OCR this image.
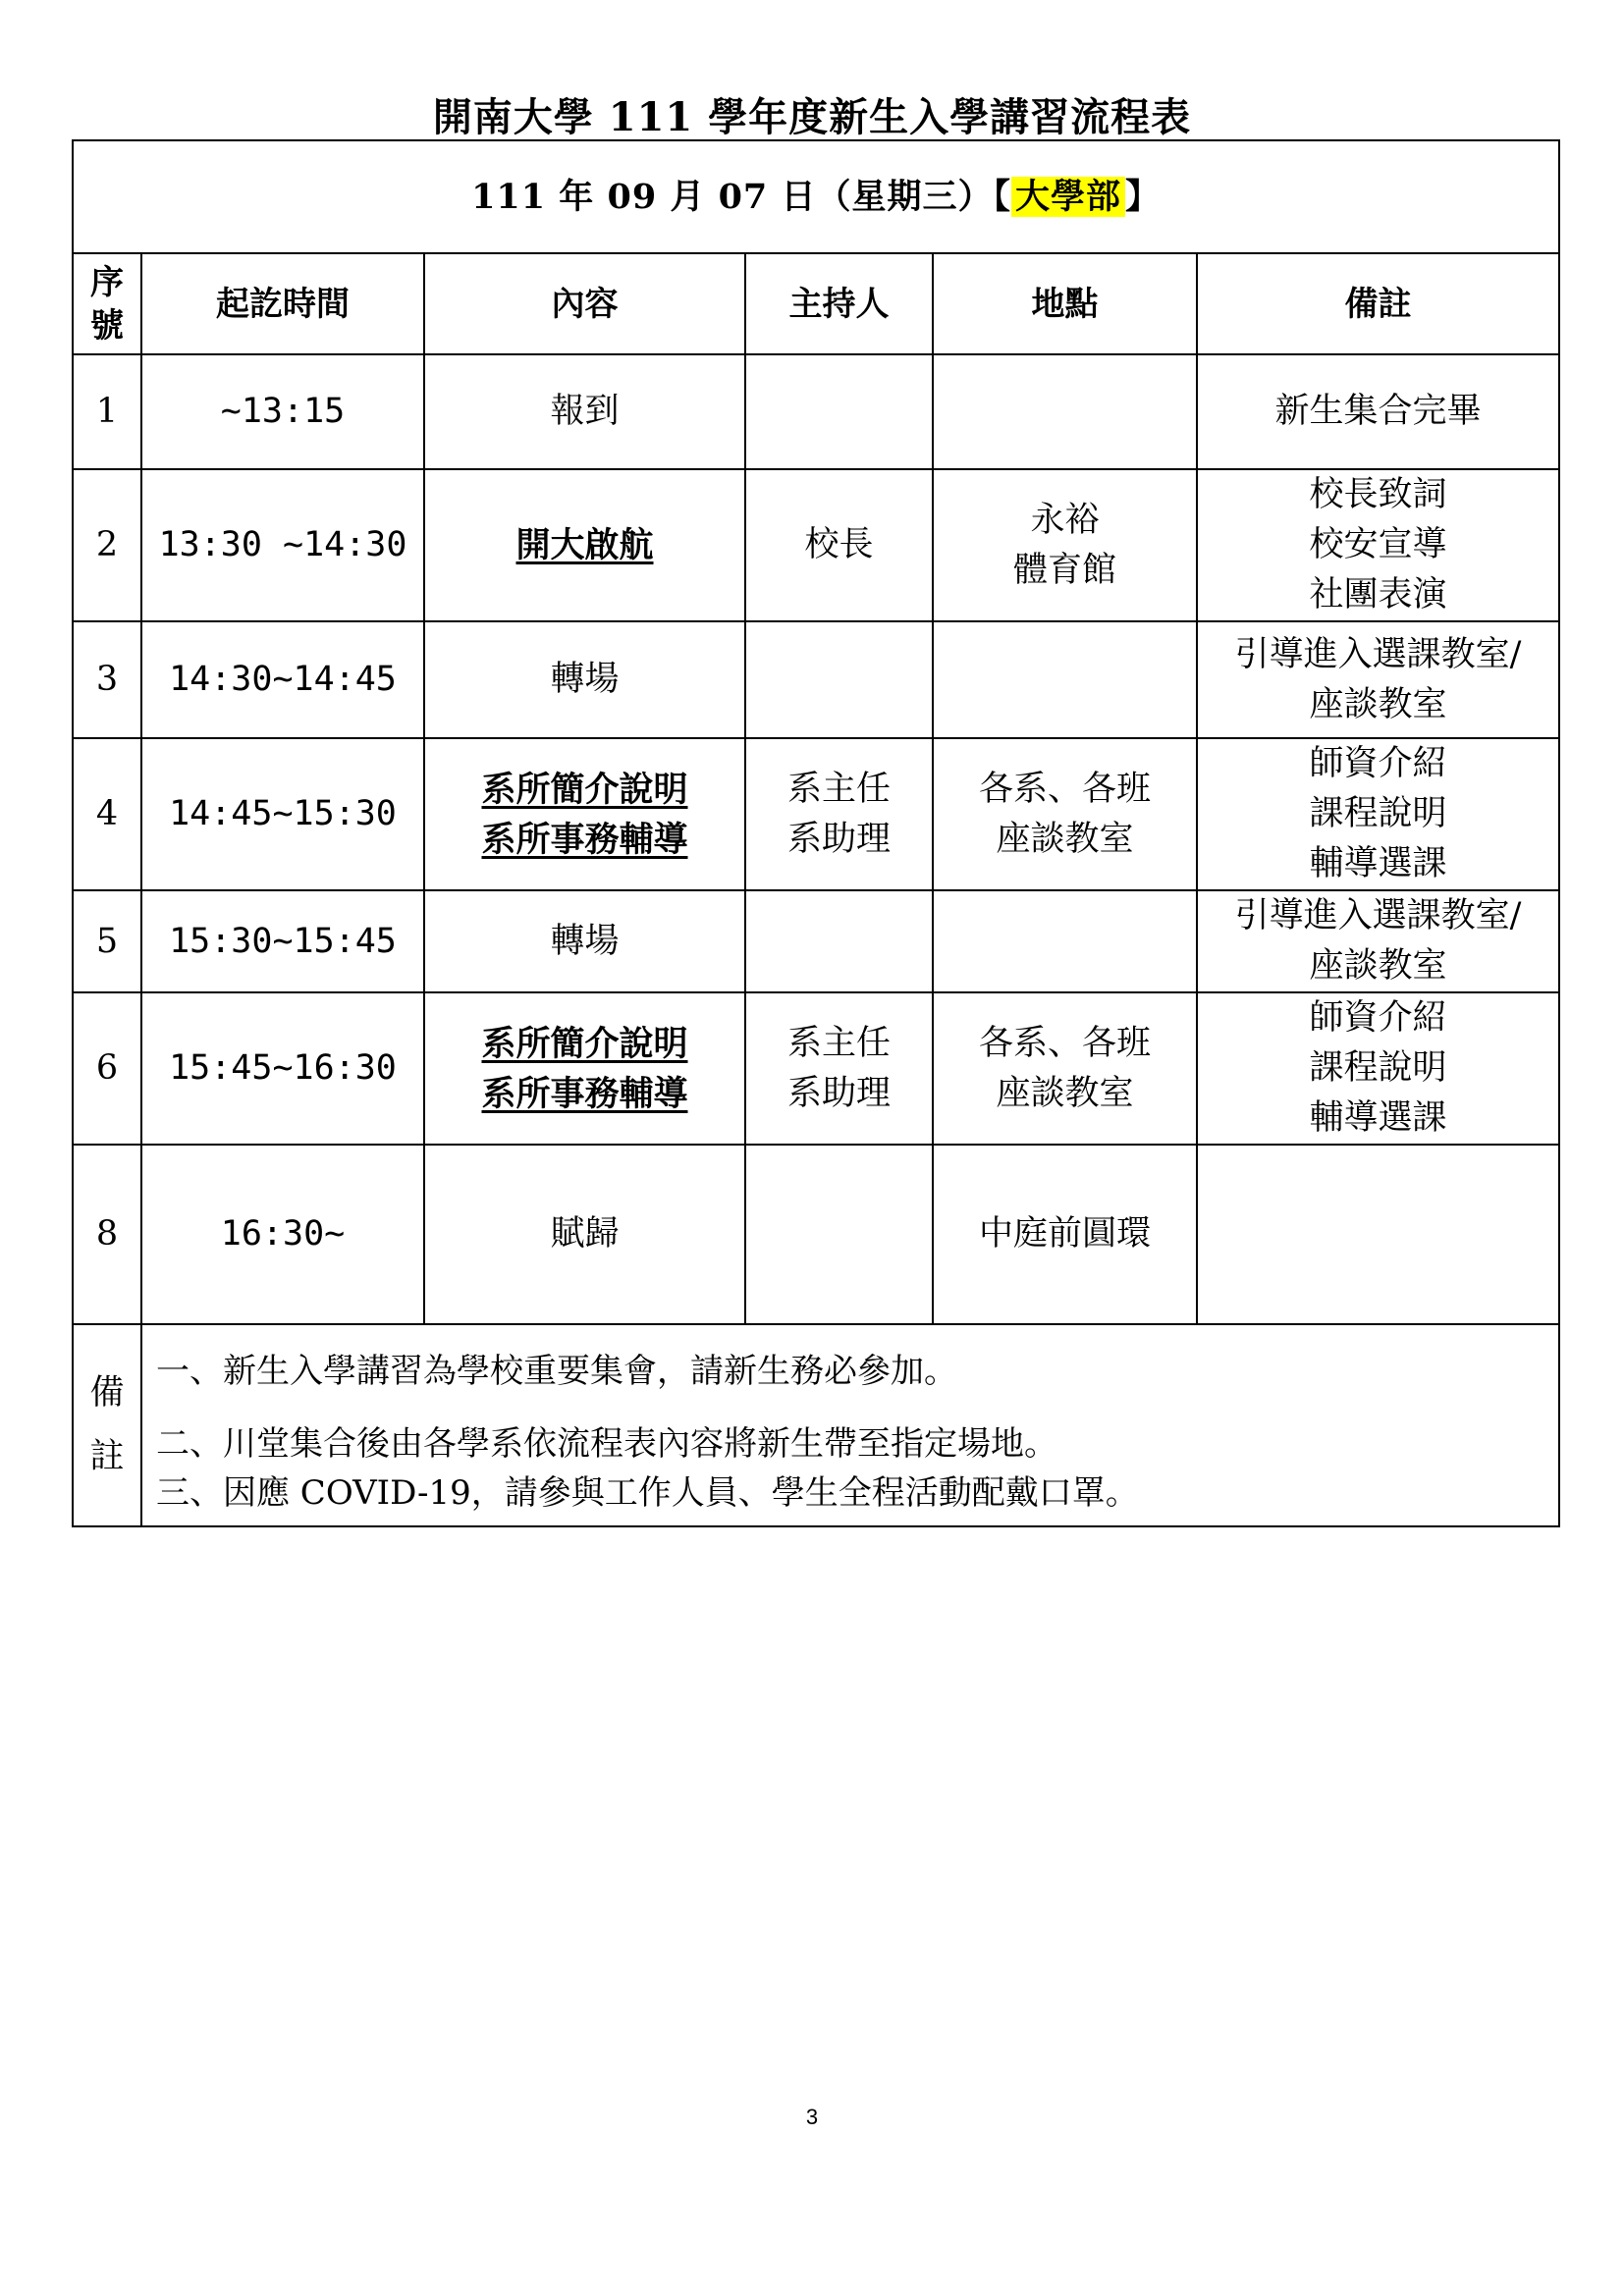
開南大學 111 學年度新生入學講習流程表
111 年 09 月 07 日（星期三）【 大學部 】					

序號	起訖時間	內容	主持人	地點	備註
1	~13:15	報到			新生集合完畢

2	13:30 ~14:30	開大啟航	校長	永裕
體育館	校長致詞
校安宣導
社團表演

3	14:30~14:45	轉場			引導進入選課教室/
座談教室

4	14:45~15:30	系所簡介說明
系所事務輔導	系主任
系助理	各系、各班
座談教室	師資介紹
課程說明
輔導選課

5	15:30~15:45	轉場			引導進入選課教室/
座談教室

6	15:45~16:30	系所簡介說明
系所事務輔導	系主任
系助理	各系、各班
座談教室	師資介紹
課程說明
輔導選課

8	16:30~	賦歸		中庭前圓環	

備
註	一、新生入學講習為學校重要集會，請新生務必參加。
二、川堂集合後由各學系依流程表內容將新生帶至指定場地。
三、因應 COVID-19，請參與工作人員、學生全程活動配戴口罩。				
3
